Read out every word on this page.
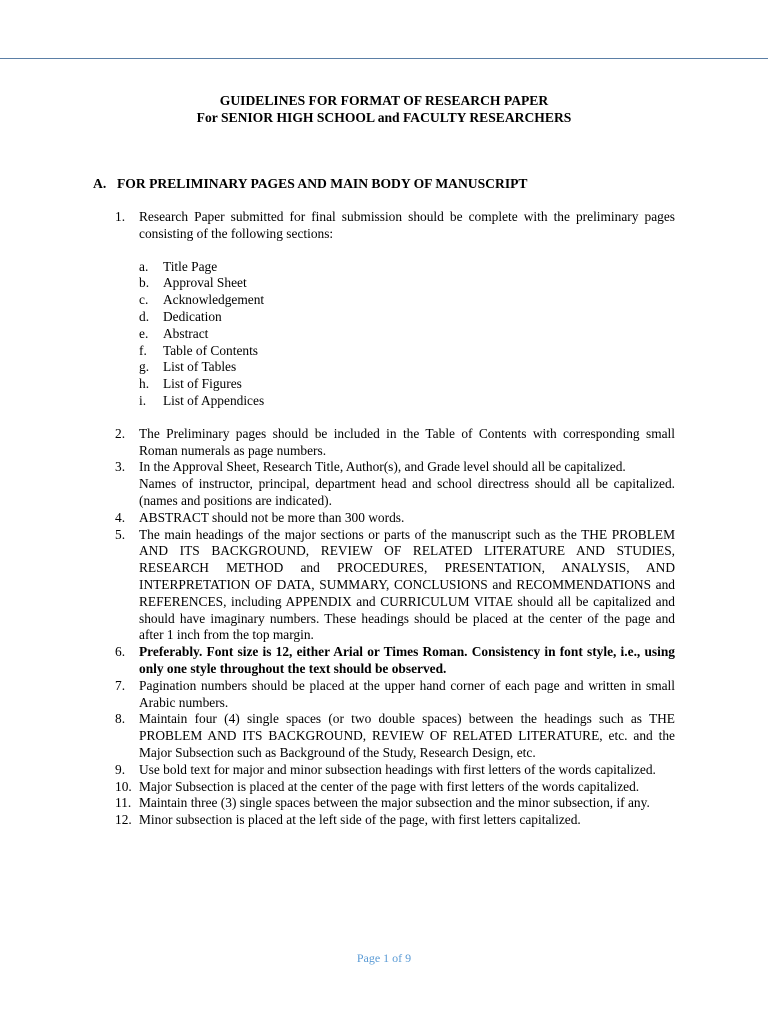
GUIDELINES FOR FORMAT OF RESEARCH PAPER
For SENIOR HIGH SCHOOL and FACULTY RESEARCHERS
A. FOR PRELIMINARY PAGES AND MAIN BODY OF MANUSCRIPT
1.	Research Paper submitted for final submission should be complete with the preliminary pages consisting of the following sections:
a.	Title Page
b.	Approval Sheet
c.	Acknowledgement
d.	Dedication
e.	Abstract
f.	Table of Contents
g.	List of Tables
h.	List of Figures
i.	List of Appendices
2.	The Preliminary pages should be included in the Table of Contents with corresponding small Roman numerals as page numbers.
3.	In the Approval Sheet, Research Title, Author(s), and Grade level should all be capitalized.
Names of instructor, principal, department head and school directress should all be capitalized. (names and positions are indicated).
4.	ABSTRACT should not be more than 300 words.
5.	The main headings of the major sections or parts of the manuscript such as the THE PROBLEM AND ITS BACKGROUND, REVIEW OF RELATED LITERATURE AND STUDIES, RESEARCH METHOD and PROCEDURES, PRESENTATION, ANALYSIS, AND INTERPRETATION OF DATA, SUMMARY, CONCLUSIONS and RECOMMENDATIONS and REFERENCES, including APPENDIX and CURRICULUM VITAE should all be capitalized and should have imaginary numbers. These headings should be placed at the center of the page and after 1 inch from the top margin.
6.	Preferably. Font size is 12, either Arial or Times Roman. Consistency in font style, i.e., using only one style throughout the text should be observed.
7.	Pagination numbers should be placed at the upper hand corner of each page and written in small Arabic numbers.
8.	Maintain four (4) single spaces (or two double spaces) between the headings such as THE PROBLEM AND ITS BACKGROUND, REVIEW OF RELATED LITERATURE, etc. and the Major Subsection such as Background of the Study, Research Design, etc.
9.	Use bold text for major and minor subsection headings with first letters of the words capitalized.
10. Major Subsection is placed at the center of the page with first letters of the words capitalized.
11. Maintain three (3) single spaces between the major subsection and the minor subsection, if any.
12. Minor subsection is placed at the left side of the page, with first letters capitalized.
Page 1 of 9
